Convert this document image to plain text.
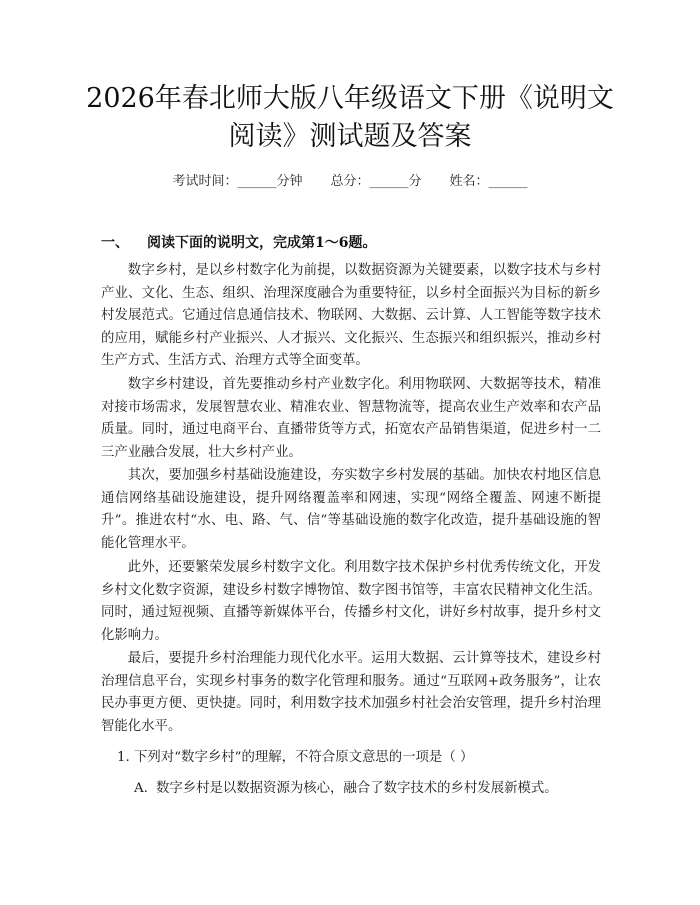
2026年春北师大版八年级语文下册《说明文
阅读》测试题及答案
考试时间：______分钟 总分：______分 姓名：______
一、 阅读下面的说明文，完成第1～6题。

数字乡村，是以乡村数字化为前提，以数据资源为关键要素，以数字技术与乡村产业、文化、生态、组织、治理深度融合为重要特征，以乡村全面振兴为目标的新乡村发展范式。它通过信息通信技术、物联网、大数据、云计算、人工智能等数字技术的应用，赋能乡村产业振兴、人才振兴、文化振兴、生态振兴和组织振兴，推动乡村生产方式、生活方式、治理方式等全面变革。

数字乡村建设，首先要推动乡村产业数字化。利用物联网、大数据等技术，精准对接市场需求，发展智慧农业、精准农业、智慧物流等，提高农业生产效率和农产品质量。同时，通过电商平台、直播带货等方式，拓宽农产品销售渠道，促进乡村一二三产业融合发展，壮大乡村产业。

其次，要加强乡村基础设施建设，夯实数字乡村发展的基础。加快农村地区信息通信网络基础设施建设，提升网络覆盖率和网速，实现“网络全覆盖、网速不断提升”。推进农村“水、电、路、气、信”等基础设施的数字化改造，提升基础设施的智能化管理水平。

此外，还要繁荣发展乡村数字文化。利用数字技术保护乡村优秀传统文化，开发乡村文化数字资源，建设乡村数字博物馆、数字图书馆等，丰富农民精神文化生活。同时，通过短视频、直播等新媒体平台，传播乡村文化，讲好乡村故事，提升乡村文化影响力。

最后，要提升乡村治理能力现代化水平。运用大数据、云计算等技术，建设乡村治理信息平台，实现乡村事务的数字化管理和服务。通过“互联网+政务服务”，让农民办事更方便、更快捷。同时，利用数字技术加强乡村社会治安管理，提升乡村治理智能化水平。

1. 下列对“数字乡村”的理解，不符合原文意思的一项是（ ）
A. 数字乡村是以数据资源为核心，融合了数字技术的乡村发展新模式。
